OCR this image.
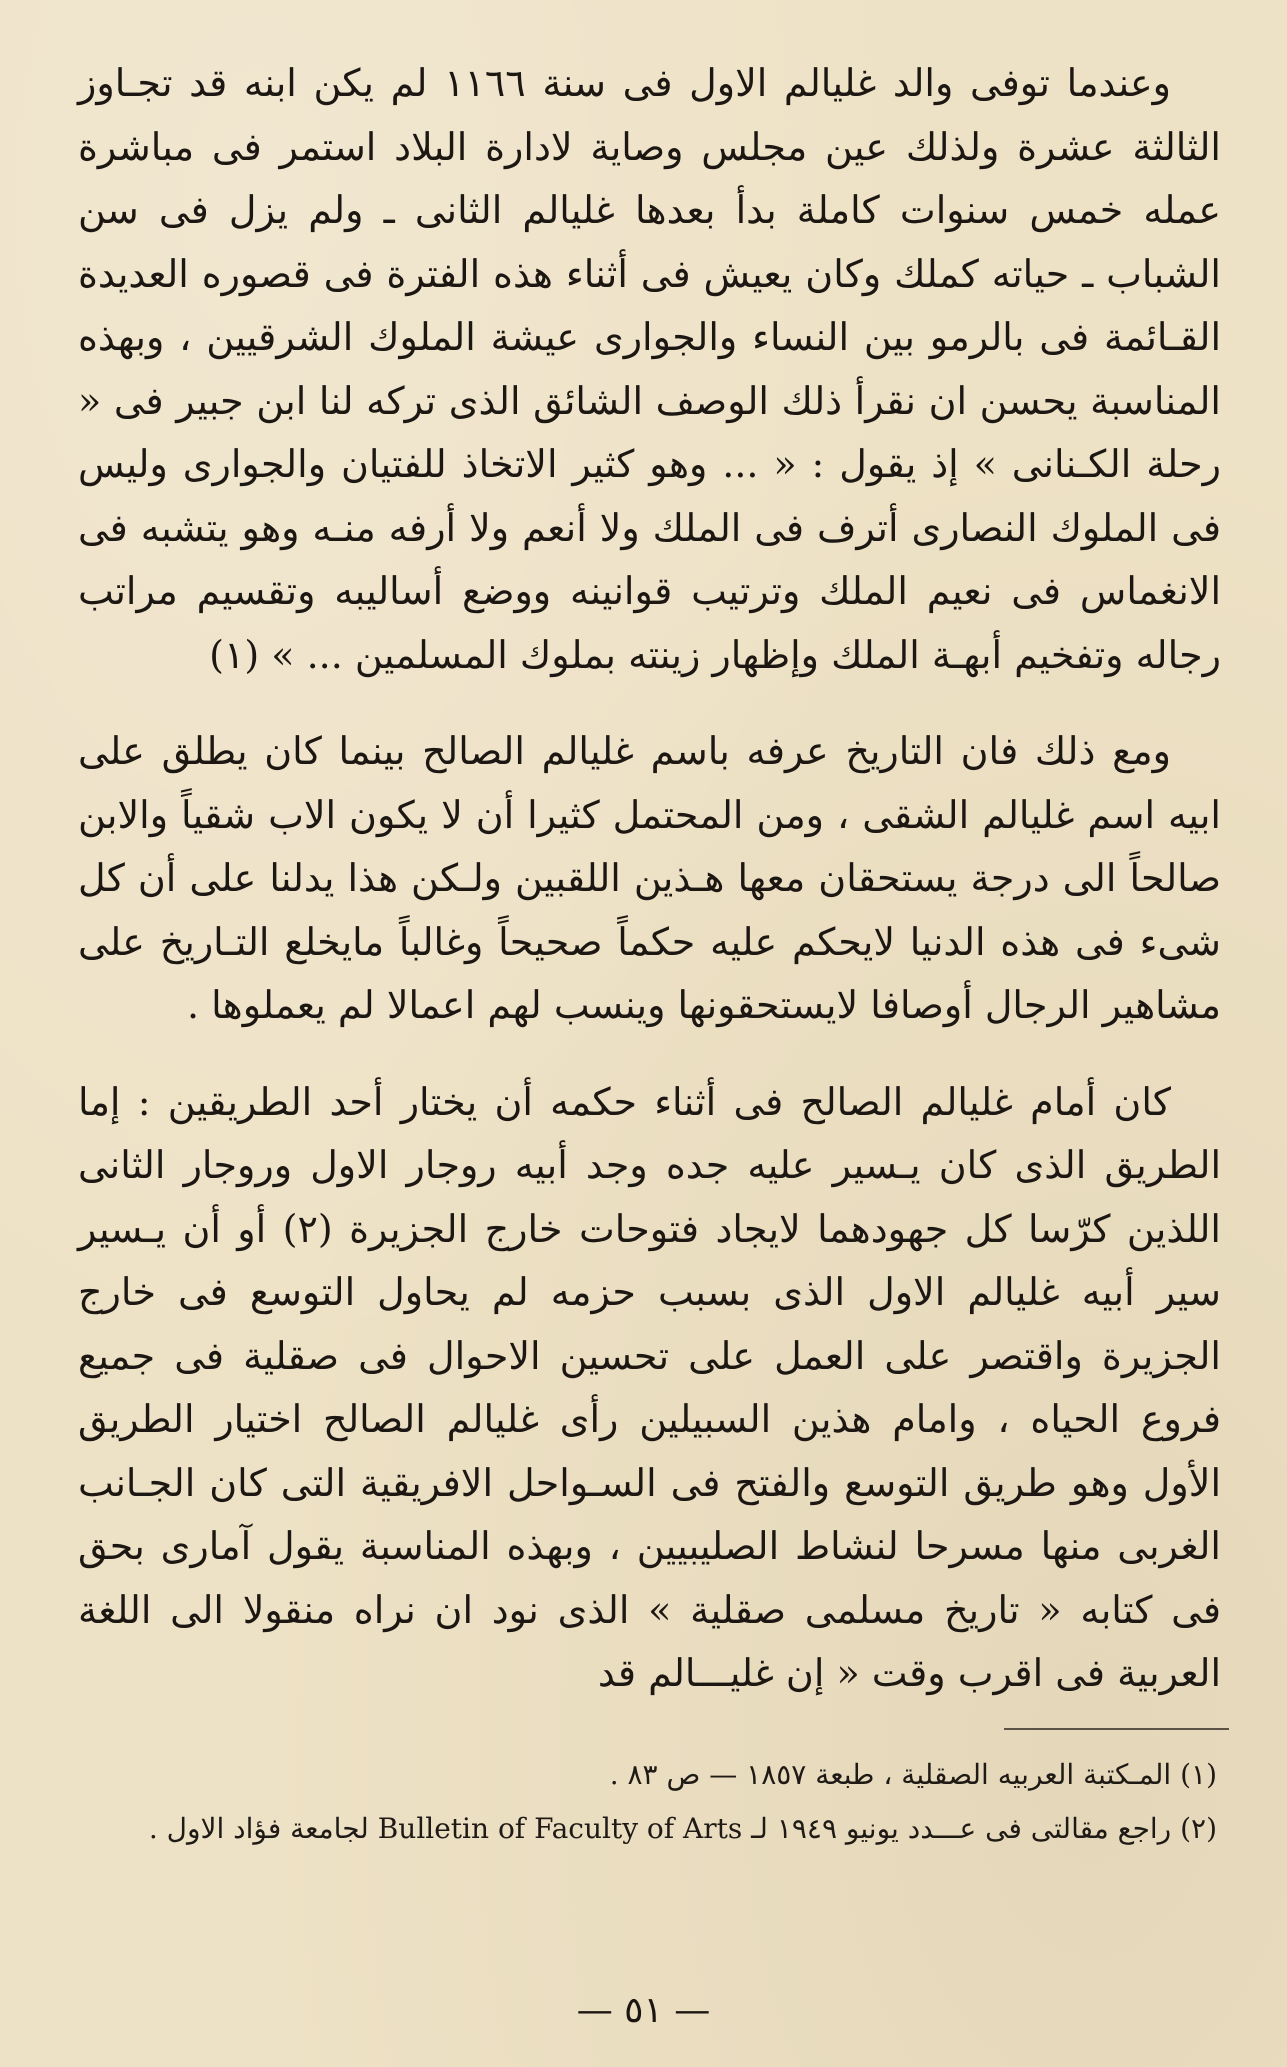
وعندما توفى والد غليالم الاول فى سنة ١١٦٦ لم يكن ابنه قد تجـاوز الثالثة عشرة ولذلك عين مجلس وصاية لادارة البلاد استمر فى مباشرة عمله خمس سنوات كاملة بدأ بعدها غليالم الثانى ـ ولم يزل فى سن الشباب ـ حياته كملك وكان يعيش فى أثناء هذه الفترة فى قصوره العديدة القـائمة فى بالرمو بين النساء والجوارى عيشة الملوك الشرقيين ، وبهذه المناسبة يحسن ان نقرأ ذلك الوصف الشائق الذى تركه لنا ابن جبير فى « رحلة الكـنانى » إذ يقول : « ... وهو كثير الاتخاذ للفتيان والجوارى وليس فى الملوك النصارى أترف فى الملك ولا أنعم ولا أرفه منـه وهو يتشبه فى الانغماس فى نعيم الملك وترتيب قوانينه ووضع أساليبه وتقسيم مراتب رجاله وتفخيم أبهـة الملك وإظهار زينته بملوك المسلمين ... » (١)

ومع ذلك فان التاريخ عرفه باسم غليالم الصالح بينما كان يطلق على ابيه اسم غليالم الشقى ، ومن المحتمل كثيرا أن لا يكون الاب شقياً والابن صالحاً الى درجة يستحقان معها هـذين اللقبين ولـكن هذا يدلنا على أن كل شىء فى هذه الدنيا لايحكم عليه حكماً صحيحاً وغالباً مايخلع التـاريخ على مشاهير الرجال أوصافا لايستحقونها وينسب لهم اعمالا لم يعملوها .

كان أمام غليالم الصالح فى أثناء حكمه أن يختار أحد الطريقين : إما الطريق الذى كان يـسير عليه جده وجد أبيه روجار الاول وروجار الثانى اللذين كرّسا كل جهودهما لايجاد فتوحات خارج الجزيرة (٢) أو أن يـسير سير أبيه غليالم الاول الذى بسبب حزمه لم يحاول التوسع فى خارج الجزيرة واقتصر على العمل على تحسين الاحوال فى صقلية فى جميع فروع الحياه ، وامام هذين السبيلين رأى غليالم الصالح اختيار الطريق الأول وهو طريق التوسع والفتح فى السـواحل الافريقية التى كان الجـانب الغربى منها مسرحا لنشاط الصليبيين ، وبهذه المناسبة يقول آمارى بحق فى كتابه « تاريخ مسلمى صقلية » الذى نود ان نراه منقولا الى اللغة العربية فى اقرب وقت « إن غليـــالم قد

(١) المـكتبة العربيه الصقلية ، طبعة ١٨٥٧ — ص ٨٣ .

(٢) راجع مقالتى فى عـــدد يونيو ١٩٤٩ لـ Bulletin of Faculty of Arts لجامعة فؤاد الاول .

— ٥١ —
